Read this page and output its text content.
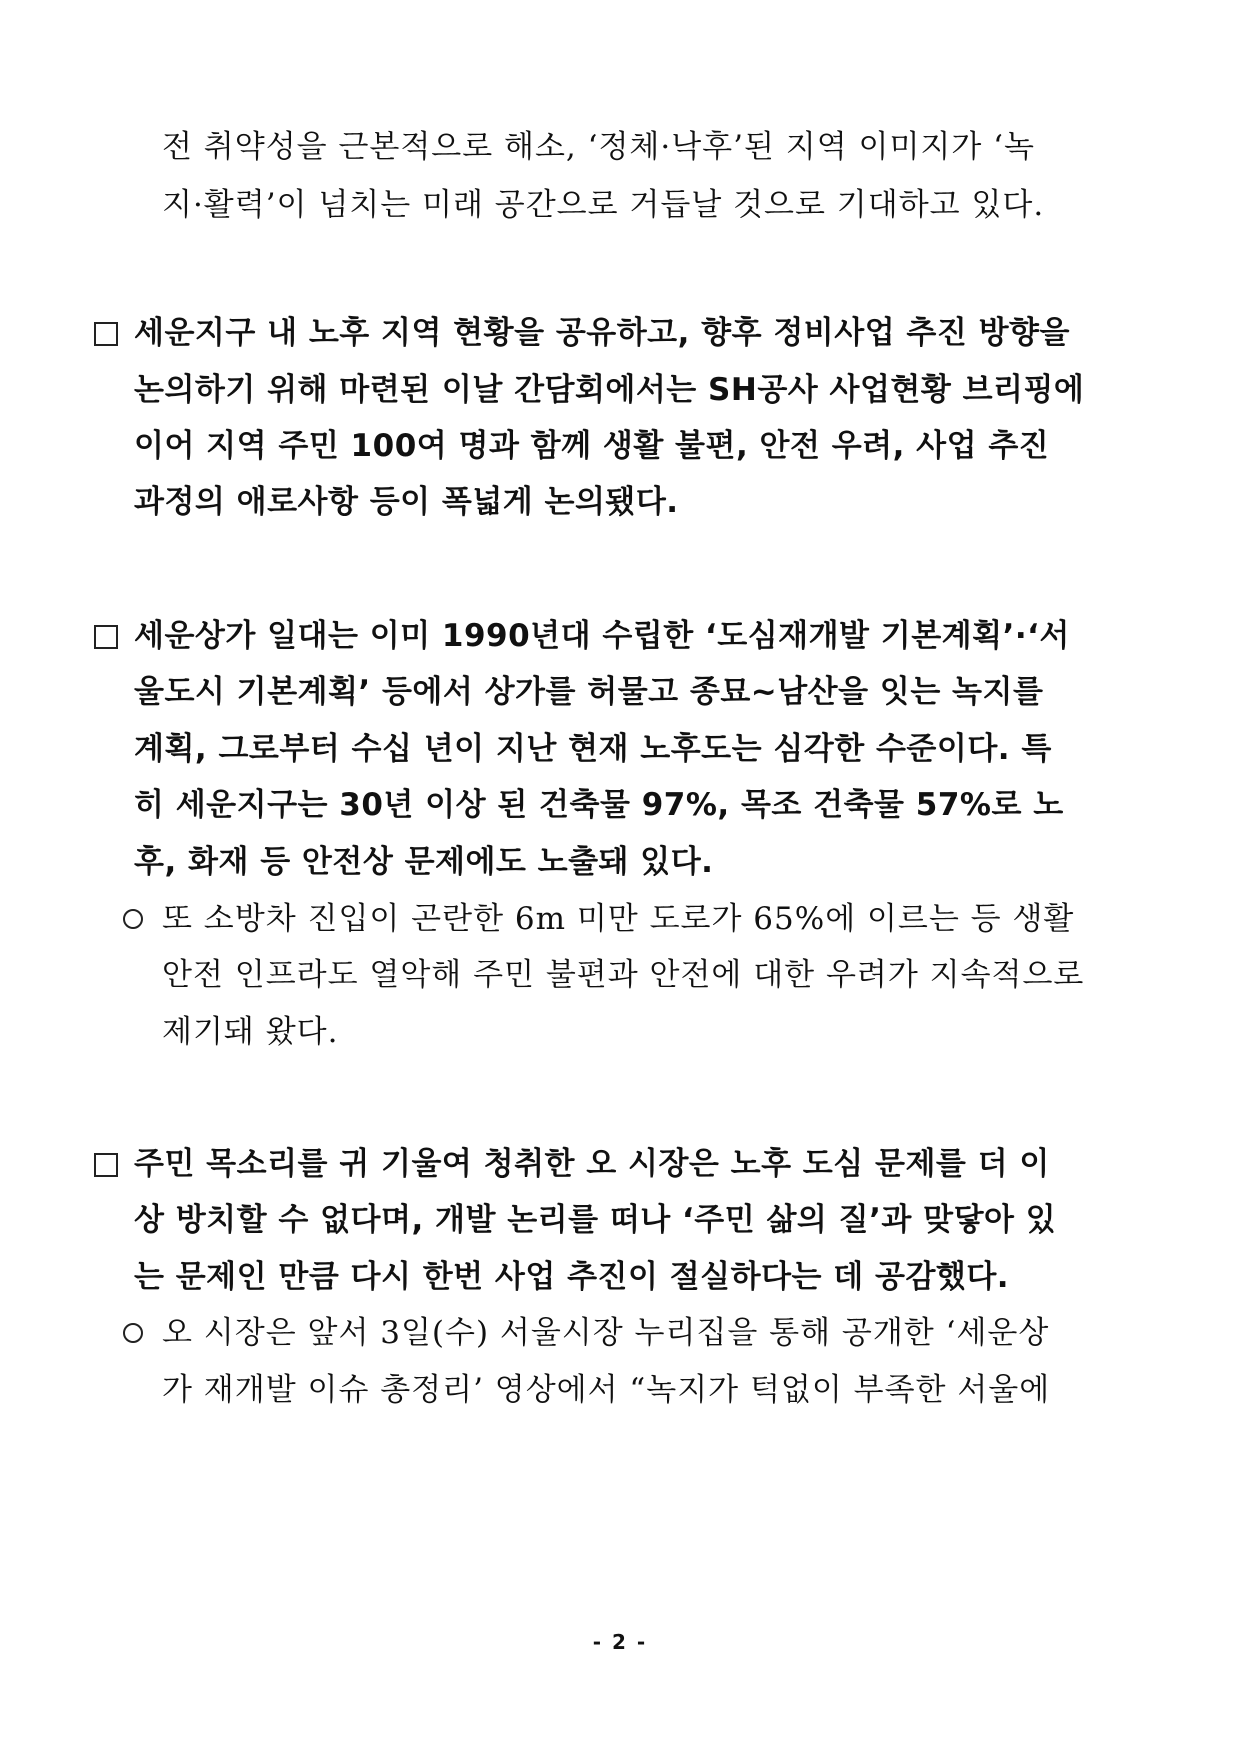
전 취약성을 근본적으로 해소, ‘정체·낙후’된 지역 이미지가 ‘녹
지·활력’이 넘치는 미래 공간으로 거듭날 것으로 기대하고 있다.
세운지구 내 노후 지역 현황을 공유하고, 향후 정비사업 추진 방향을
논의하기 위해 마련된 이날 간담회에서는 SH공사 사업현황 브리핑에
이어 지역 주민 100여 명과 함께 생활 불편, 안전 우려, 사업 추진
과정의 애로사항 등이 폭넓게 논의됐다.
세운상가 일대는 이미 1990년대 수립한 ‘도심재개발 기본계획’·‘서
울도시 기본계획’ 등에서 상가를 허물고 종묘~남산을 잇는 녹지를
계획, 그로부터 수십 년이 지난 현재 노후도는 심각한 수준이다. 특
히 세운지구는 30년 이상 된 건축물 97%, 목조 건축물 57%로 노
후, 화재 등 안전상 문제에도 노출돼 있다.
또 소방차 진입이 곤란한 6m 미만 도로가 65%에 이르는 등 생활
안전 인프라도 열악해 주민 불편과 안전에 대한 우려가 지속적으로
제기돼 왔다.
주민 목소리를 귀 기울여 청취한 오 시장은 노후 도심 문제를 더 이
상 방치할 수 없다며, 개발 논리를 떠나 ‘주민 삶의 질’과 맞닿아 있
는 문제인 만큼 다시 한번 사업 추진이 절실하다는 데 공감했다.
오 시장은 앞서 3일(수) 서울시장 누리집을 통해 공개한 ‘세운상
가 재개발 이슈 총정리’ 영상에서 “녹지가 턱없이 부족한 서울에
- 2 -
